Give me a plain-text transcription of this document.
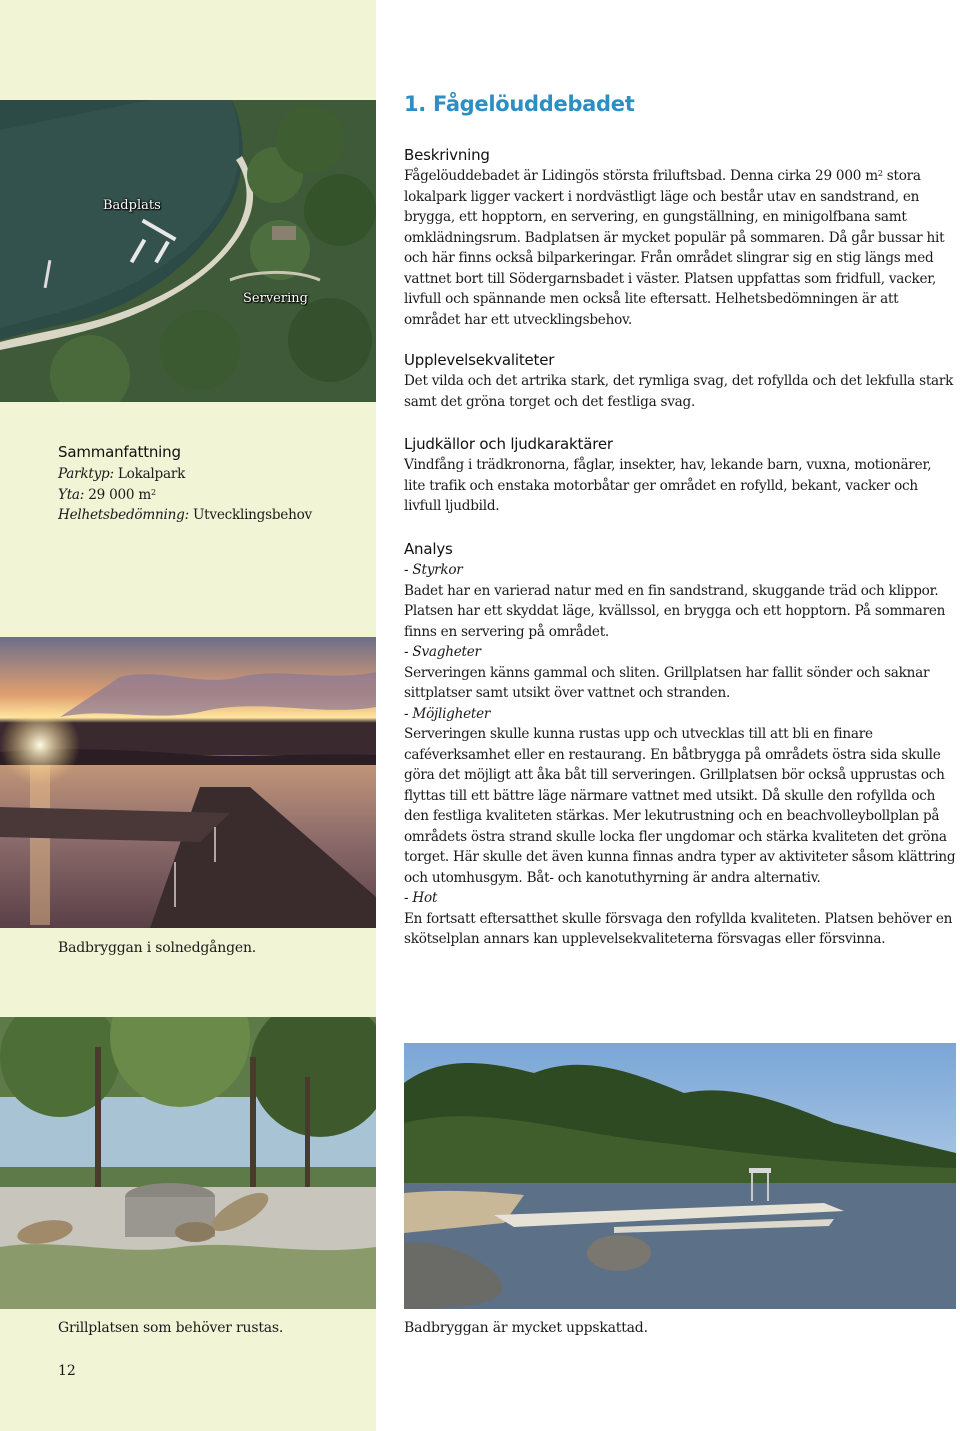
Badplats
Servering
1. Fågelöuddebadet
Beskrivning

Fågelöuddebadet är Lidingös största friluftsbad. Denna cirka 29 000 $m^2$ stora lokalpark ligger vackert i nordvästligt läge och består utav en sandstrand, en brygga, ett hopptorn, en servering, en gungställning, en minigolfbana samt omklädningsrum. Badplatsen är mycket populär på sommaren. Då går bussar hit och här finns också bilparkeringar. Från området slingrar sig en stig längs med vattnet bort till Södergarnsbadet i väster. Platsen uppfattas som fridfull, vacker, livfull och spännande men också lite eftersatt. Helhetsbedömningen är att området har ett utvecklingsbehov.

Upplevelsekvaliteter

Det vilda och det artrika stark, det rymliga svag, det rofyllda och det lekfulla stark samt det gröna torget och det festliga svag.

Ljudkällor och ljudkaraktärer

Vindfång i trädkronorna, fåglar, insekter, hav, lekande barn, vuxna, motionärer, lite trafik och enstaka motorbåtar ger området en rofylld, bekant, vacker och livfull ljudbild.

Analys

- Styrkor

Badet har en varierad natur med en fin sandstrand, skuggande träd och klippor. Platsen har ett skyddat läge, kvällssol, en brygga och ett hopptorn. På sommaren finns en servering på området.

- Svagheter

Serveringen känns gammal och sliten. Grillplatsen har fallit sönder och saknar sittplatser samt utsikt över vattnet och stranden.

- Möjligheter

Serveringen skulle kunna rustas upp och utvecklas till att bli en finare caféverksamhet eller en restaurang. En båtbrygga på områdets östra sida skulle göra det möjligt att åka båt till serveringen. Grillplatsen bör också upprustas och flyttas till ett bättre läge närmare vattnet med utsikt. Då skulle den rofyllda och den festliga kvaliteten stärkas. Mer lekutrustning och en beachvolleybollplan på områdets östra strand skulle locka fler ungdomar och stärka kvaliteten det gröna torget. Här skulle det även kunna finnas andra typer av aktiviteter såsom klättring och utomhusgym. Båt- och kanotuthyrning är andra alternativ.

- Hot

En fortsatt eftersatthet skulle försvaga den rofyllda kvaliteten. Platsen behöver en skötselplan annars kan upplevelsekvaliteterna försvagas eller försvinna.

Sammanfattning

Parktyp: Lokalpark

Yta: 29 000 $m^2$

Helhetsbedömning: Utvecklingsbehov

Badbryggan i solnedgången.

Grillplatsen som behöver rustas.	Badbryggan är mycket uppskattad.

12
